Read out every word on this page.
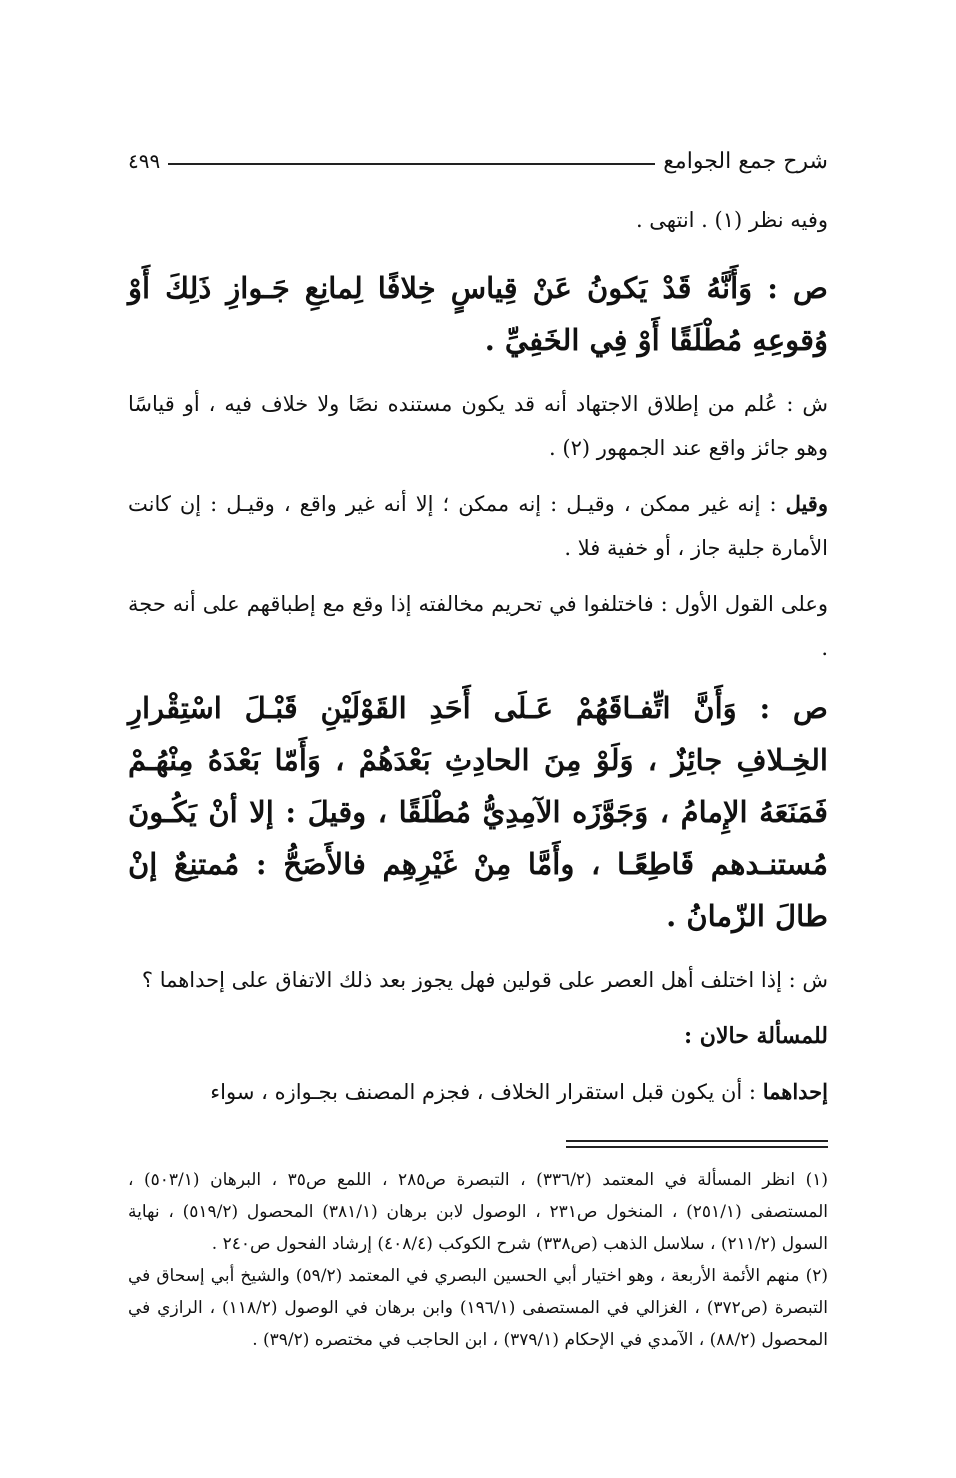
شرح جمع الجوامع
٤٩٩

وفيه نظر (١) . انتهى .

ص : وَأَنَّهُ قَدْ يَكونُ عَنْ قِياسٍ خِلافًا لِمانِعِ جَـوازِ ذَلِكَ أَوْ وُقوعِهِ مُطْلَقًا أَوْ فِي الخَفِيِّ .

ش : عُلم من إطلاق الاجتهاد أنه قد يكون مستنده نصًا ولا خلاف فيه ، أو قياسًا وهو جائز واقع عند الجمهور (٢) .

وقيل : إنه غير ممكن ، وقيـل : إنه ممكن ؛ إلا أنه غير واقع ، وقيـل : إن كانت الأمارة جلية جاز ، أو خفية فلا .

وعلى القول الأول : فاختلفوا في تحريم مخالفته إذا وقع مع إطباقهم على أنه حجة .

ص : وَأَنَّ اتِّفـاقَهُمْ عَـلَى أَحَدِ القَوْلَيْنِ قَبْـلَ اسْتِقْرارِ الخِـلافِ جائِزٌ ، وَلَوْ مِنَ الحادِثِ بَعْدَهُمْ ، وَأَمّا بَعْدَهُ مِنْهُـمْ فَمَنَعَهُ الإِمامُ ، وَجَوَّزَه الآمِدِيُّ مُطْلَقًا ، وقيلَ : إلا أنْ يَكُـونَ مُستنـدهم قَاطِعًـا ، وأَمَّا مِنْ غَيْرِهِم فالأَصَحُّ : مُمتنِعٌ إنْ طالَ الزّمانُ .

ش : إذا اختلف أهل العصر على قولين فهل يجوز بعد ذلك الاتفاق على إحداهما ؟

للمسألة حالان :

إحداهما : أن يكون قبل استقرار الخلاف ، فجزم المصنف بجـوازه ، سواء

(١) انظر المسألة في المعتمد (٣٣٦/٢) ، التبصرة ص٢٨٥ ، اللمع ص٣٥ ، البرهان (٥٠٣/١) ، المستصفى (٢٥١/١) ، المنخول ص٢٣١ ، الوصول لابن برهان (٣٨١/١) المحصول (٥١٩/٢) ، نهاية السول (٢١١/٢) ، سلاسل الذهب (ص٣٣٨) شرح الكوكب (٤٠٨/٤) إرشاد الفحول ص٢٤٠ .

(٢) منهم الأئمة الأربعة ، وهو اختيار أبي الحسين البصري في المعتمد (٥٩/٢) والشيخ أبي إسحاق في التبصرة (ص٣٧٢) ، الغزالي في المستصفى (١٩٦/١) وابن برهان في الوصول (١١٨/٢) ، الرازي في المحصول (٨٨/٢) ، الآمدي في الإحكام (٣٧٩/١) ، ابن الحاجب في مختصره (٣٩/٢) .
